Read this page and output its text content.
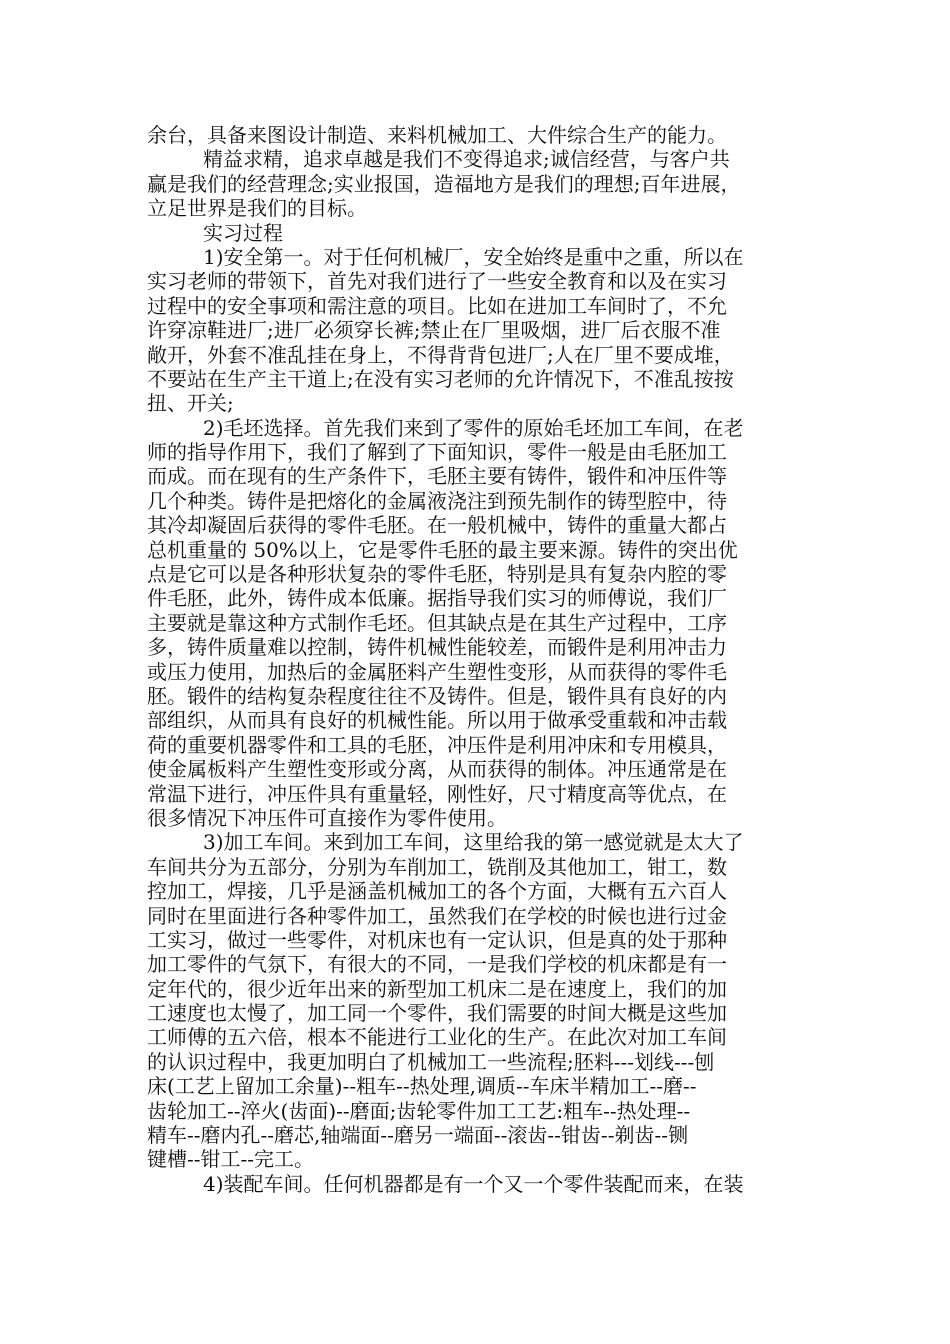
余台，具备来图设计制造、来料机械加工、大件综合生产的能力。
精益求精，追求卓越是我们不变得追求;诚信经营，与客户共
赢是我们的经营理念;实业报国，造福地方是我们的理想;百年进展，
立足世界是我们的目标。
实习过程
1)安全第一。对于任何机械厂，安全始终是重中之重，所以在
实习老师的带领下，首先对我们进行了一些安全教育和以及在实习
过程中的安全事项和需注意的项目。比如在进加工车间时了，不允
许穿凉鞋进厂;进厂必须穿长裤;禁止在厂里吸烟，进厂后衣服不准
敞开，外套不准乱挂在身上，不得背背包进厂;人在厂里不要成堆，
不要站在生产主干道上;在没有实习老师的允许情况下，不准乱按按
扭、开关;
2)毛坯选择。首先我们来到了零件的原始毛坯加工车间，在老
师的指导作用下，我们了解到了下面知识，零件一般是由毛胚加工
而成。而在现有的生产条件下，毛胚主要有铸件，锻件和冲压件等
几个种类。铸件是把熔化的金属液浇注到预先制作的铸型腔中，待
其冷却凝固后获得的零件毛胚。在一般机械中，铸件的重量大都占
总机重量的 50%以上，它是零件毛胚的最主要来源。铸件的突出优
点是它可以是各种形状复杂的零件毛胚，特别是具有复杂内腔的零
件毛胚，此外，铸件成本低廉。据指导我们实习的师傅说，我们厂
主要就是靠这种方式制作毛坯。但其缺点是在其生产过程中，工序
多，铸件质量难以控制，铸件机械性能较差，而锻件是利用冲击力
或压力使用，加热后的金属胚料产生塑性变形，从而获得的零件毛
胚。锻件的结构复杂程度往往不及铸件。但是，锻件具有良好的内
部组织，从而具有良好的机械性能。所以用于做承受重载和冲击载
荷的重要机器零件和工具的毛胚，冲压件是利用冲床和专用模具，
使金属板料产生塑性变形或分离，从而获得的制体。冲压通常是在
常温下进行，冲压件具有重量轻，刚性好，尺寸精度高等优点，在
很多情况下冲压件可直接作为零件使用。
3)加工车间。来到加工车间，这里给我的第一感觉就是太大了
车间共分为五部分，分别为车削加工，铣削及其他加工，钳工，数
控加工，焊接，几乎是涵盖机械加工的各个方面，大概有五六百人
同时在里面进行各种零件加工，虽然我们在学校的时候也进行过金
工实习，做过一些零件，对机床也有一定认识，但是真的处于那种
加工零件的气氛下，有很大的不同，一是我们学校的机床都是有一
定年代的，很少近年出来的新型加工机床二是在速度上，我们的加
工速度也太慢了，加工同一个零件，我们需要的时间大概是这些加
工师傅的五六倍，根本不能进行工业化的生产。在此次对加工车间
的认识过程中，我更加明白了机械加工一些流程;胚料---划线---刨
床(工艺上留加工余量)--粗车--热处理,调质--车床半精加工--磨--
齿轮加工--淬火(齿面)--磨面;齿轮零件加工工艺:粗车--热处理--
精车--磨内孔--磨芯,轴端面--磨另一端面--滚齿--钳齿--剃齿--铡
键槽--钳工--完工。
4)装配车间。任何机器都是有一个又一个零件装配而来，在装
